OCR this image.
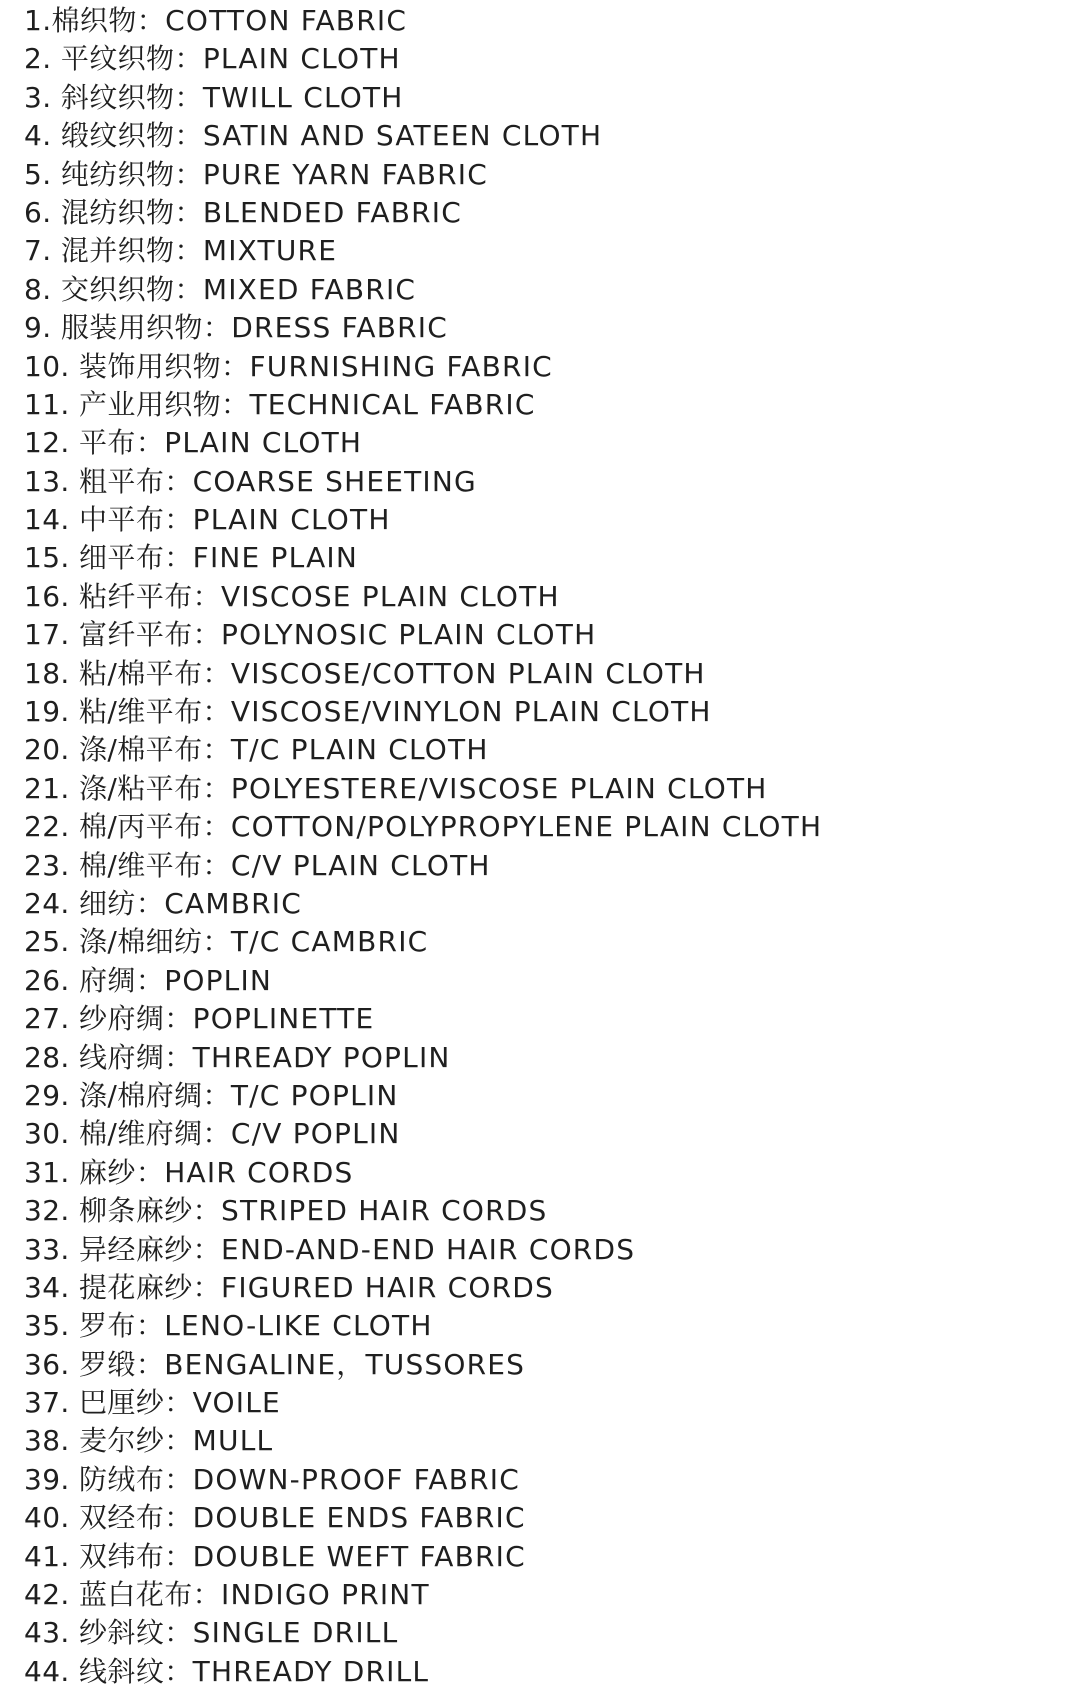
1.棉织物：COTTON FABRIC
2. 平纹织物：PLAIN CLOTH
3. 斜纹织物：TWILL CLOTH
4. 缎纹织物：SATIN AND SATEEN CLOTH
5. 纯纺织物：PURE YARN FABRIC
6. 混纺织物：BLENDED FABRIC
7. 混并织物：MIXTURE
8. 交织织物：MIXED FABRIC
9. 服装用织物：DRESS FABRIC
10. 装饰用织物：FURNISHING FABRIC
11. 产业用织物：TECHNICAL FABRIC
12. 平布：PLAIN CLOTH
13. 粗平布：COARSE SHEETING
14. 中平布：PLAIN CLOTH
15. 细平布：FINE PLAIN
16. 粘纤平布：VISCOSE PLAIN CLOTH
17. 富纤平布：POLYNOSIC PLAIN CLOTH
18. 粘/棉平布：VISCOSE/COTTON PLAIN CLOTH
19. 粘/维平布：VISCOSE/VINYLON PLAIN CLOTH
20. 涤/棉平布：T/C PLAIN CLOTH
21. 涤/粘平布：POLYESTERE/VISCOSE PLAIN CLOTH
22. 棉/丙平布：COTTON/POLYPROPYLENE PLAIN CLOTH
23. 棉/维平布：C/V PLAIN CLOTH
24. 细纺：CAMBRIC
25. 涤/棉细纺：T/C CAMBRIC
26. 府绸：POPLIN
27. 纱府绸：POPLINETTE
28. 线府绸：THREADY POPLIN
29. 涤/棉府绸：T/C POPLIN
30. 棉/维府绸：C/V POPLIN
31. 麻纱：HAIR CORDS
32. 柳条麻纱：STRIPED HAIR CORDS
33. 异经麻纱：END-AND-END HAIR CORDS
34. 提花麻纱：FIGURED HAIR CORDS
35. 罗布：LENO-LIKE CLOTH
36. 罗缎：BENGALINE，TUSSORES
37. 巴厘纱：VOILE
38. 麦尔纱：MULL
39. 防绒布：DOWN-PROOF FABRIC
40. 双经布：DOUBLE ENDS FABRIC
41. 双纬布：DOUBLE WEFT FABRIC
42. 蓝白花布：INDIGO PRINT
43. 纱斜纹：SINGLE DRILL
44. 线斜纹：THREADY DRILL
